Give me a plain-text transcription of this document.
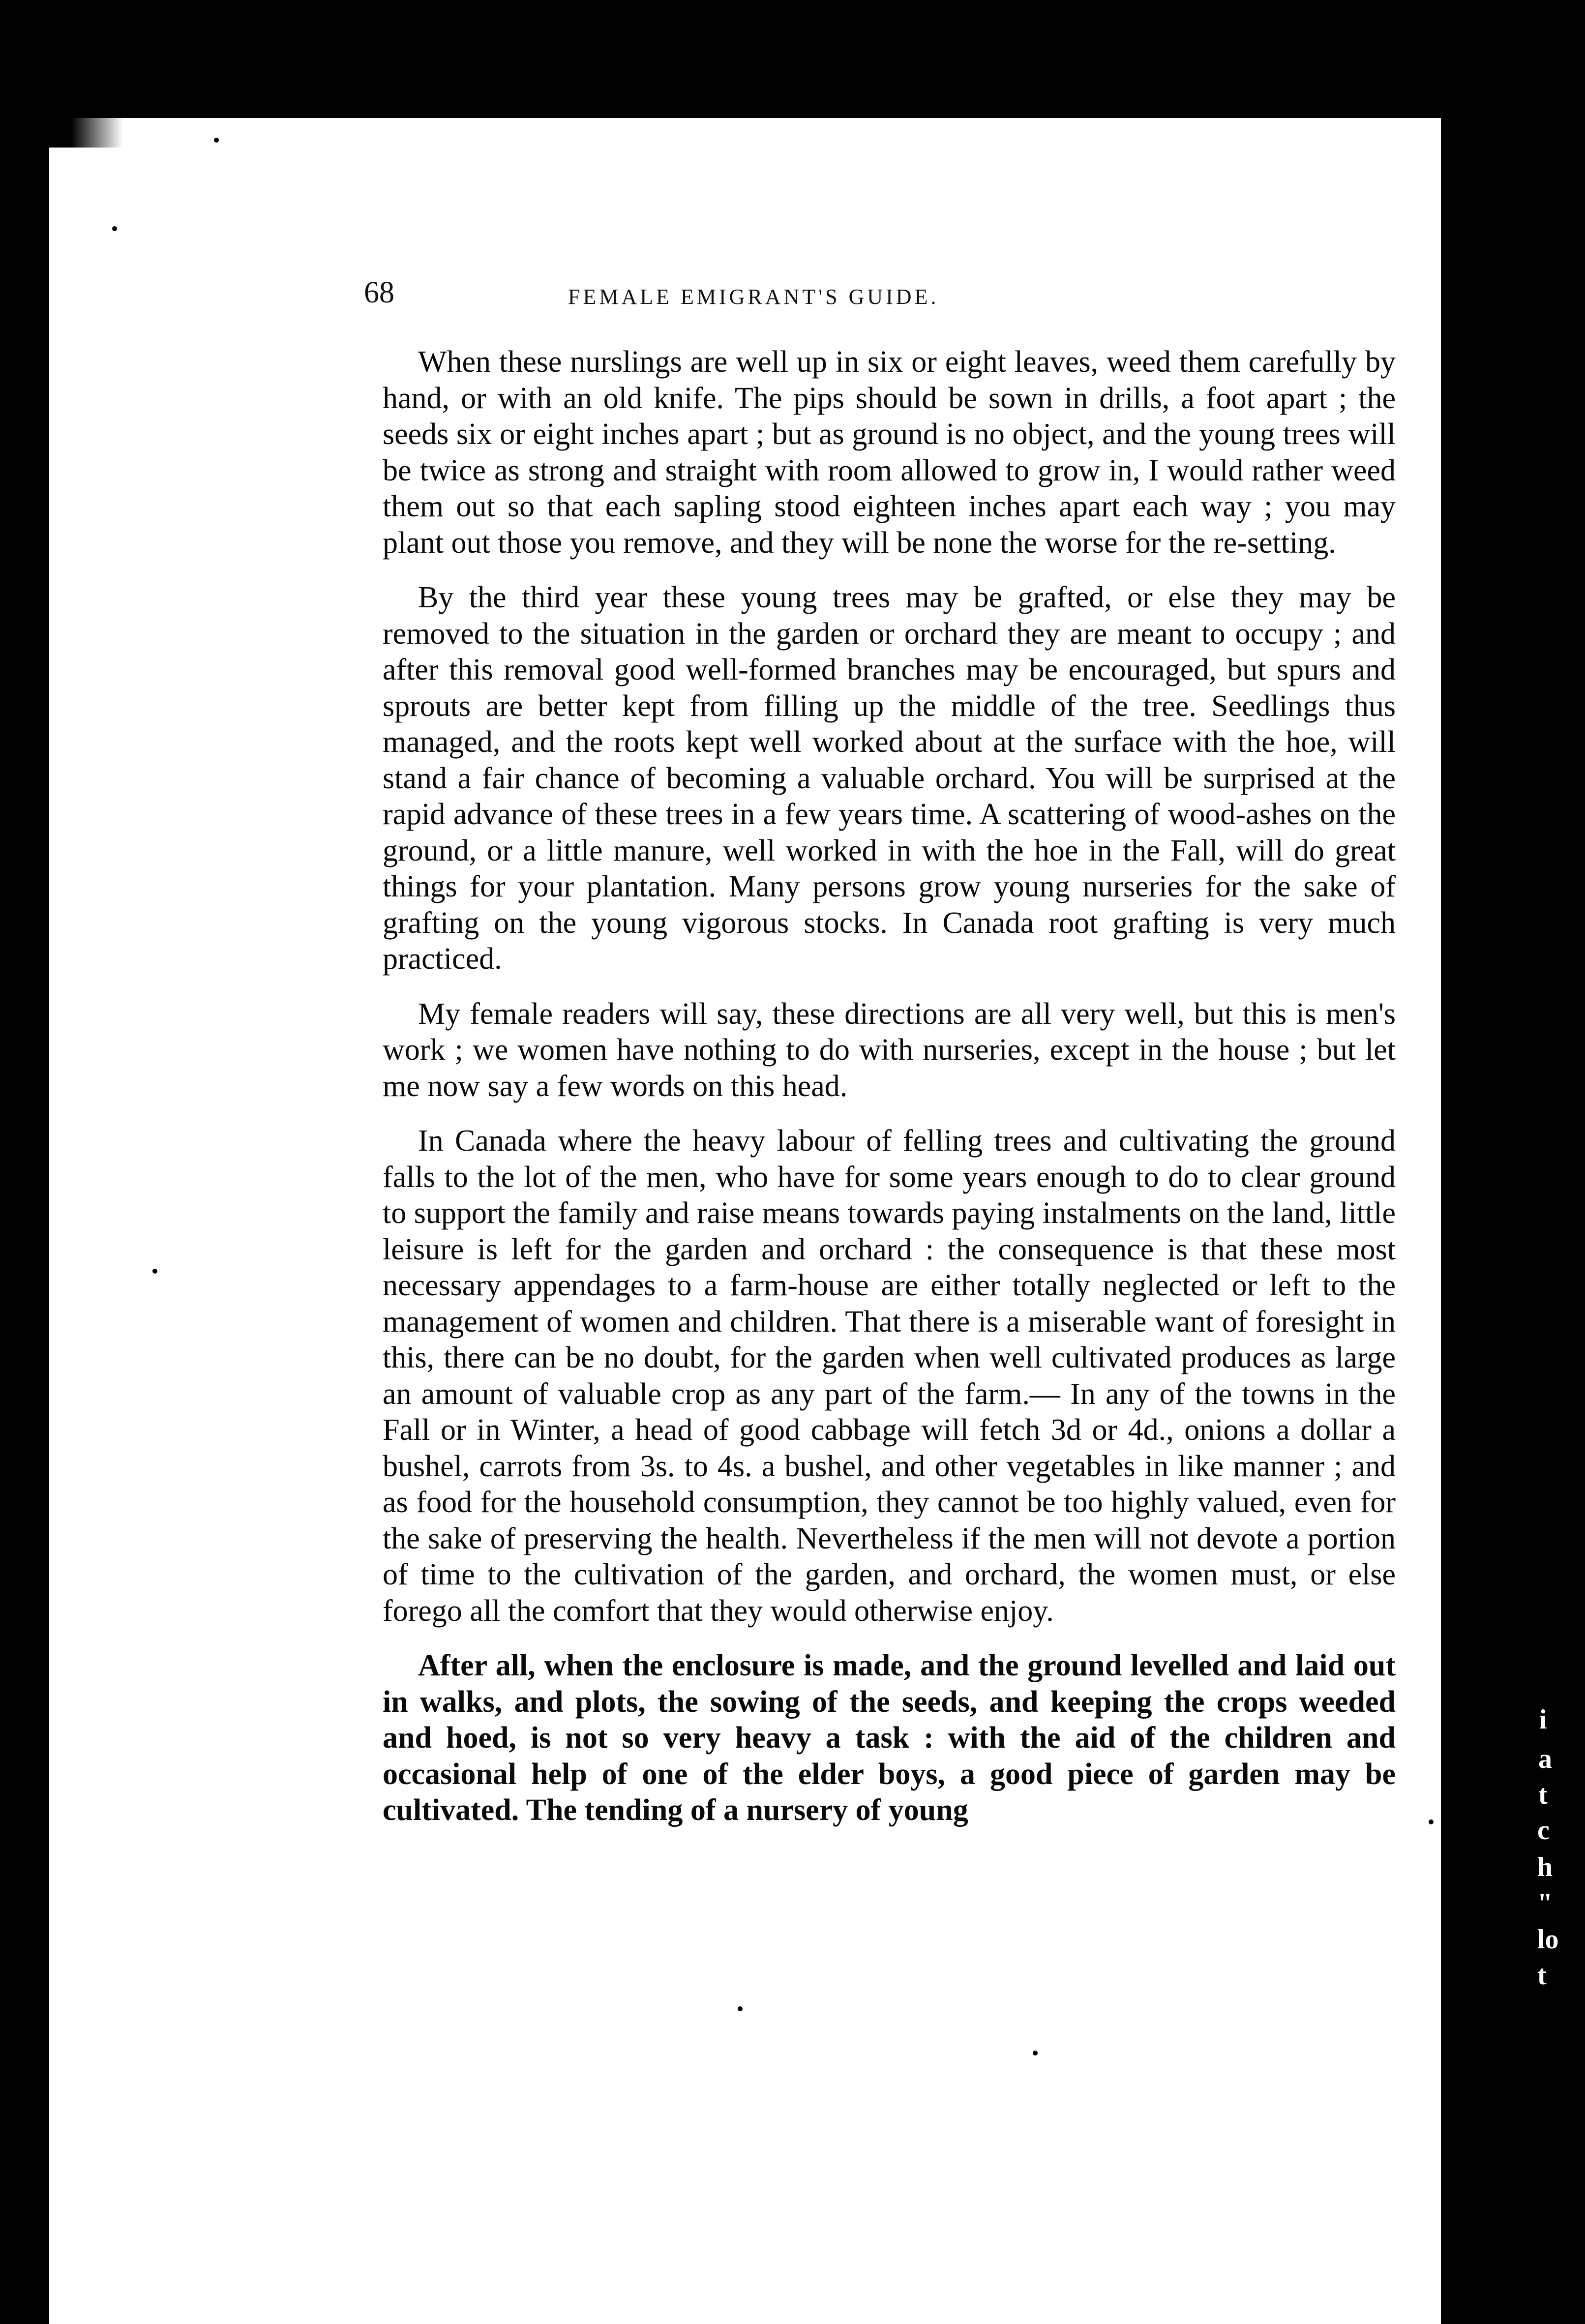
68	FEMALE EMIGRANT'S GUIDE.

When these nurslings are well up in six or eight leaves, weed them carefully by hand, or with an old knife. The pips should be sown in drills, a foot apart ; the seeds six or eight inches apart ; but as ground is no object, and the young trees will be twice as strong and straight with room allowed to grow in, I would rather weed them out so that each sapling stood eighteen inches apart each way ; you may plant out those you remove, and they will be none the worse for the re-setting.

By the third year these young trees may be grafted, or else they may be removed to the situation in the garden or orchard they are meant to occupy ; and after this removal good well-formed branches may be encouraged, but spurs and sprouts are better kept from filling up the middle of the tree. Seedlings thus managed, and the roots kept well worked about at the surface with the hoe, will stand a fair chance of becoming a valuable orchard. You will be surprised at the rapid advance of these trees in a few years time. A scattering of wood-ashes on the ground, or a little manure, well worked in with the hoe in the Fall, will do great things for your plantation. Many persons grow young nurseries for the sake of grafting on the young vigorous stocks. In Canada root grafting is very much practiced.

My female readers will say, these directions are all very well, but this is men's work ; we women have nothing to do with nurseries, except in the house ; but let me now say a few words on this head.

In Canada where the heavy labour of felling trees and cultivating the ground falls to the lot of the men, who have for some years enough to do to clear ground to support the family and raise means towards paying instalments on the land, little leisure is left for the garden and orchard : the consequence is that these most necessary appendages to a farm-house are either totally neglected or left to the management of women and children. That there is a miserable want of foresight in this, there can be no doubt, for the garden when well cultivated produces as large an amount of valuable crop as any part of the farm.— In any of the towns in the Fall or in Winter, a head of good cabbage will fetch 3d or 4d., onions a dollar a bushel, carrots from 3s. to 4s. a bushel, and other vegetables in like manner ; and as food for the household consumption, they cannot be too highly valued, even for the sake of preserving the health. Nevertheless if the men will not devote a portion of time to the cultivation of the garden, and orchard, the women must, or else forego all the comfort that they would otherwise enjoy.

After all, when the enclosure is made, and the ground levelled and laid out in walks, and plots, the sowing of the seeds, and keeping the crops weeded and hoed, is not so very heavy a task : with the aid of the children and occasional help of one of the elder boys, a good piece of garden may be cultivated. The tending of a nursery of young

i
a
t
c
h
"
lo
t
